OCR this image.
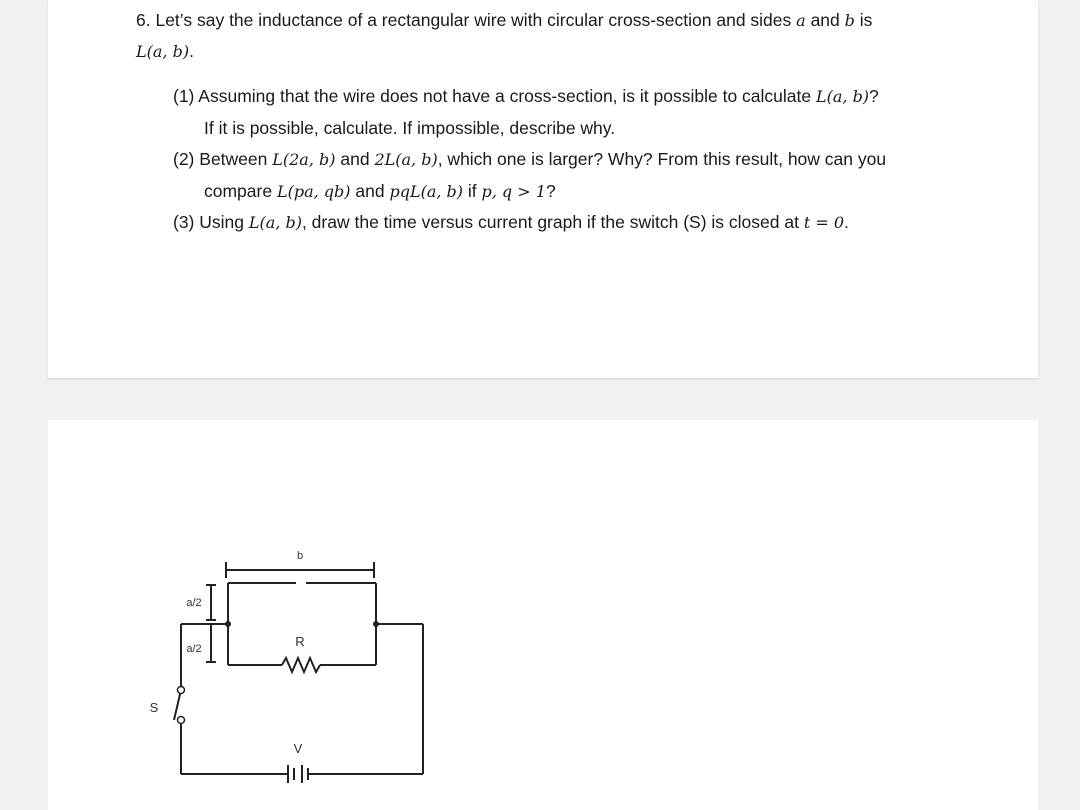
6. Let’s say the inductance of a rectangular wire with circular cross-section and sides a and b is
L(a, b).
(1) Assuming that the wire does not have a cross-section, is it possible to calculate L(a, b)?
If it is possible, calculate. If impossible, describe why.
(2) Between L(2a, b) and 2L(a, b), which one is larger? Why? From this result, how can you
compare L(pa, qb) and pqL(a, b) if p, q > 1?
(3) Using L(a, b), draw the time versus current graph if the switch (S) is closed at t = 0.
b
a/2
a/2	R
S
V
